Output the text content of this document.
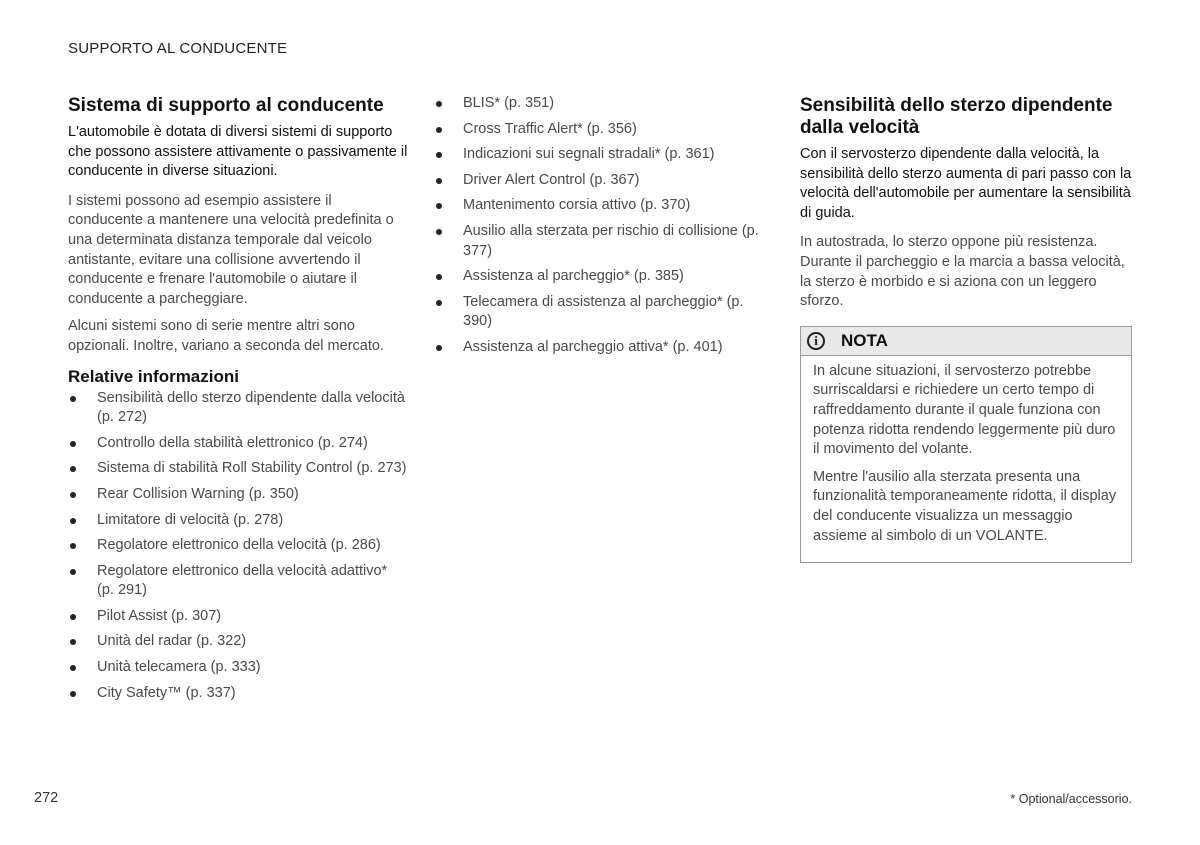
SUPPORTO AL CONDUCENTE
Sistema di supporto al conducente

L'automobile è dotata di diversi sistemi di supporto che possono assistere attivamente o passivamente il conducente in diverse situazioni.

I sistemi possono ad esempio assistere il conducente a mantenere una velocità predefinita o una determinata distanza temporale dal veicolo antistante, evitare una collisione avvertendo il conducente e frenare l'automobile o aiutare il conducente a parcheggiare.

Alcuni sistemi sono di serie mentre altri sono opzionali. Inoltre, variano a seconda del mercato.

Relative informazioni
Sensibilità dello sterzo dipendente dalla velocità (p. 272)
Controllo della stabilità elettronico (p. 274)
Sistema di stabilità Roll Stability Control (p. 273)
Rear Collision Warning (p. 350)
Limitatore di velocità (p. 278)
Regolatore elettronico della velocità (p. 286)
Regolatore elettronico della velocità adattivo* (p. 291)
Pilot Assist (p. 307)
Unità del radar (p. 322)
Unità telecamera (p. 333)
City Safety™ (p. 337)
BLIS* (p. 351)
Cross Traffic Alert* (p. 356)
Indicazioni sui segnali stradali* (p. 361)
Driver Alert Control (p. 367)
Mantenimento corsia attivo (p. 370)
Ausilio alla sterzata per rischio di collisione (p. 377)
Assistenza al parcheggio* (p. 385)
Telecamera di assistenza al parcheggio* (p. 390)
Assistenza al parcheggio attiva* (p. 401)
Sensibilità dello sterzo dipendente dalla velocità

Con il servosterzo dipendente dalla velocità, la sensibilità dello sterzo aumenta di pari passo con la velocità dell'automobile per aumentare la sensibilità di guida.

In autostrada, lo sterzo oppone più resistenza. Durante il parcheggio e la marcia a bassa velocità, la sterzo è morbido e si aziona con un leggero sforzo.

i	NOTA

In alcune situazioni, il servosterzo potrebbe surriscaldarsi e richiedere un certo tempo di raffreddamento durante il quale funziona con potenza ridotta rendendo leggermente più duro il movimento del volante.

Mentre l'ausilio alla sterzata presenta una funzionalità temporaneamente ridotta, il display del conducente visualizza un messaggio assieme al simbolo di un VOLANTE.

272	* Optional/accessorio.
